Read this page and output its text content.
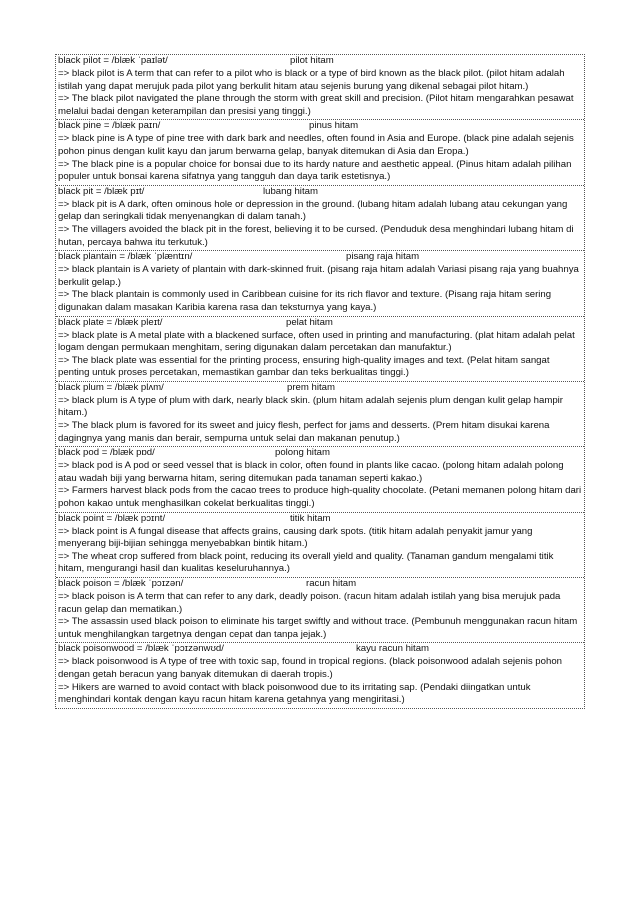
black pilot = /blæk ˈpaɪlət/	pilot hitam

=> black pilot is A term that can refer to a pilot who is black or a type of bird known as the black pilot. (pilot hitam adalah istilah yang dapat merujuk pada pilot yang berkulit hitam atau sejenis burung yang dikenal sebagai pilot hitam.)

=> The black pilot navigated the plane through the storm with great skill and precision. (Pilot hitam mengarahkan pesawat melalui badai dengan keterampilan dan presisi yang tinggi.)

black pine = /blæk paɪn/	pinus hitam

=> black pine is A type of pine tree with dark bark and needles, often found in Asia and Europe. (black pine adalah sejenis pohon pinus dengan kulit kayu dan jarum berwarna gelap, banyak ditemukan di Asia dan Eropa.)

=> The black pine is a popular choice for bonsai due to its hardy nature and aesthetic appeal. (Pinus hitam adalah pilihan populer untuk bonsai karena sifatnya yang tangguh dan daya tarik estetisnya.)

black pit = /blæk pɪt/	lubang hitam

=> black pit is A dark, often ominous hole or depression in the ground. (lubang hitam adalah lubang atau cekungan yang gelap dan seringkali tidak menyenangkan di dalam tanah.)

=> The villagers avoided the black pit in the forest, believing it to be cursed. (Penduduk desa menghindari lubang hitam di hutan, percaya bahwa itu terkutuk.)

black plantain = /blæk ˈplæntɪn/	pisang raja hitam

=> black plantain is A variety of plantain with dark-skinned fruit. (pisang raja hitam adalah Variasi pisang raja yang buahnya berkulit gelap.)

=> The black plantain is commonly used in Caribbean cuisine for its rich flavor and texture. (Pisang raja hitam sering digunakan dalam masakan Karibia karena rasa dan teksturnya yang kaya.)

black plate = /blæk pleɪt/	pelat hitam

=> black plate is A metal plate with a blackened surface, often used in printing and manufacturing. (plat hitam adalah pelat logam dengan permukaan menghitam, sering digunakan dalam percetakan dan manufaktur.)

=> The black plate was essential for the printing process, ensuring high-quality images and text. (Pelat hitam sangat penting untuk proses percetakan, memastikan gambar dan teks berkualitas tinggi.)

black plum = /blæk plʌm/	prem hitam

=> black plum is A type of plum with dark, nearly black skin. (plum hitam adalah sejenis plum dengan kulit gelap hampir hitam.)

=> The black plum is favored for its sweet and juicy flesh, perfect for jams and desserts. (Prem hitam disukai karena dagingnya yang manis dan berair, sempurna untuk selai dan makanan penutup.)

black pod = /blæk pɒd/	polong hitam

=> black pod is A pod or seed vessel that is black in color, often found in plants like cacao. (polong hitam adalah polong atau wadah biji yang berwarna hitam, sering ditemukan pada tanaman seperti kakao.)

=> Farmers harvest black pods from the cacao trees to produce high-quality chocolate. (Petani memanen polong hitam dari pohon kakao untuk menghasilkan cokelat berkualitas tinggi.)

black point = /blæk pɔɪnt/	titik hitam

=> black point is A fungal disease that affects grains, causing dark spots. (titik hitam adalah penyakit jamur yang menyerang biji-bijian sehingga menyebabkan bintik hitam.)

=> The wheat crop suffered from black point, reducing its overall yield and quality. (Tanaman gandum mengalami titik hitam, mengurangi hasil dan kualitas keseluruhannya.)

black poison = /blæk ˈpɔɪzən/	racun hitam

=> black poison is A term that can refer to any dark, deadly poison. (racun hitam adalah istilah yang bisa merujuk pada racun gelap dan mematikan.)

=> The assassin used black poison to eliminate his target swiftly and without trace. (Pembunuh menggunakan racun hitam untuk menghilangkan targetnya dengan cepat dan tanpa jejak.)

black poisonwood = /blæk ˈpɔɪzənwʊd/	kayu racun hitam

=> black poisonwood is A type of tree with toxic sap, found in tropical regions. (black poisonwood adalah sejenis pohon dengan getah beracun yang banyak ditemukan di daerah tropis.)

=> Hikers are warned to avoid contact with black poisonwood due to its irritating sap. (Pendaki diingatkan untuk menghindari kontak dengan kayu racun hitam karena getahnya yang mengiritasi.)
